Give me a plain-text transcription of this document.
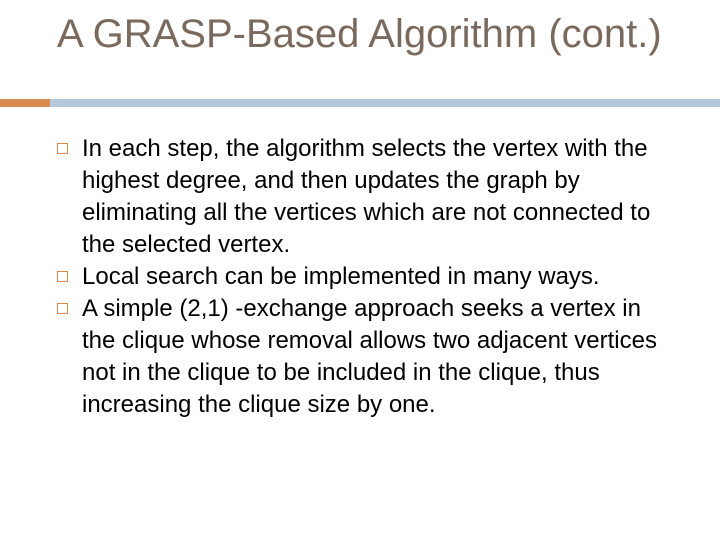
A GRASP-Based Algorithm (cont.)
In each step, the algorithm selects the vertex with the highest degree, and then updates the graph by eliminating all the vertices which are not connected to the selected vertex.
Local search can be implemented in many ways.
A simple (2,1) -exchange approach seeks a vertex in the clique whose removal allows two adjacent vertices not in the clique to be included in the clique, thus increasing the clique size by one.
